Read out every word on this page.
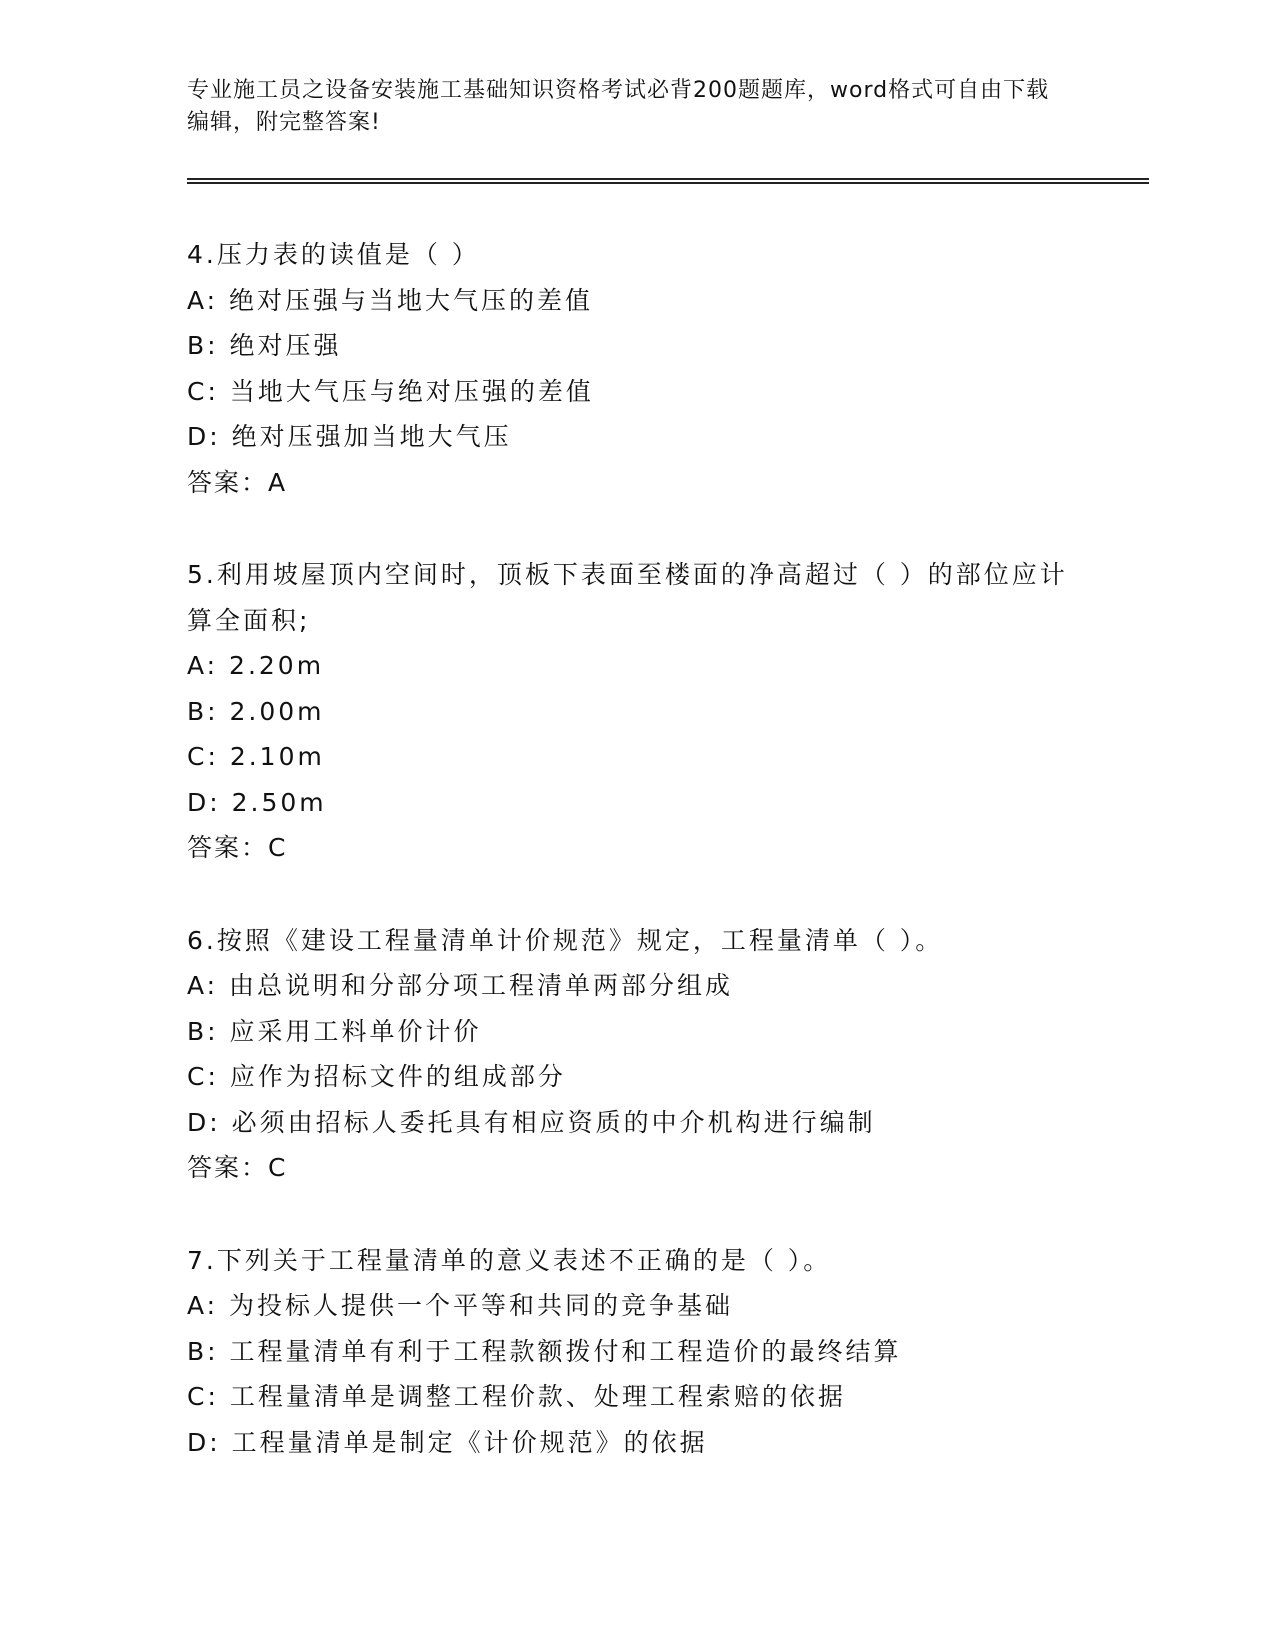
专业施工员之设备安装施工基础知识资格考试必背200题题库，word格式可自由下载编辑，附完整答案!

4.压力表的读值是（ ）

A: 绝对压强与当地大气压的差值

B: 绝对压强

C: 当地大气压与绝对压强的差值

D: 绝对压强加当地大气压

答案：A

5.利用坡屋顶内空间时，顶板下表面至楼面的净高超过（ ）的部位应计算全面积;

A: 2.20m

B: 2.00m

C: 2.10m

D: 2.50m

答案：C

6.按照《建设工程量清单计价规范》规定，工程量清单（ ）。

A: 由总说明和分部分项工程清单两部分组成

B: 应采用工料单价计价

C: 应作为招标文件的组成部分

D: 必须由招标人委托具有相应资质的中介机构进行编制

答案：C

7.下列关于工程量清单的意义表述不正确的是（ ）。

A: 为投标人提供一个平等和共同的竞争基础

B: 工程量清单有利于工程款额拨付和工程造价的最终结算

C: 工程量清单是调整工程价款、处理工程索赔的依据

D: 工程量清单是制定《计价规范》的依据
